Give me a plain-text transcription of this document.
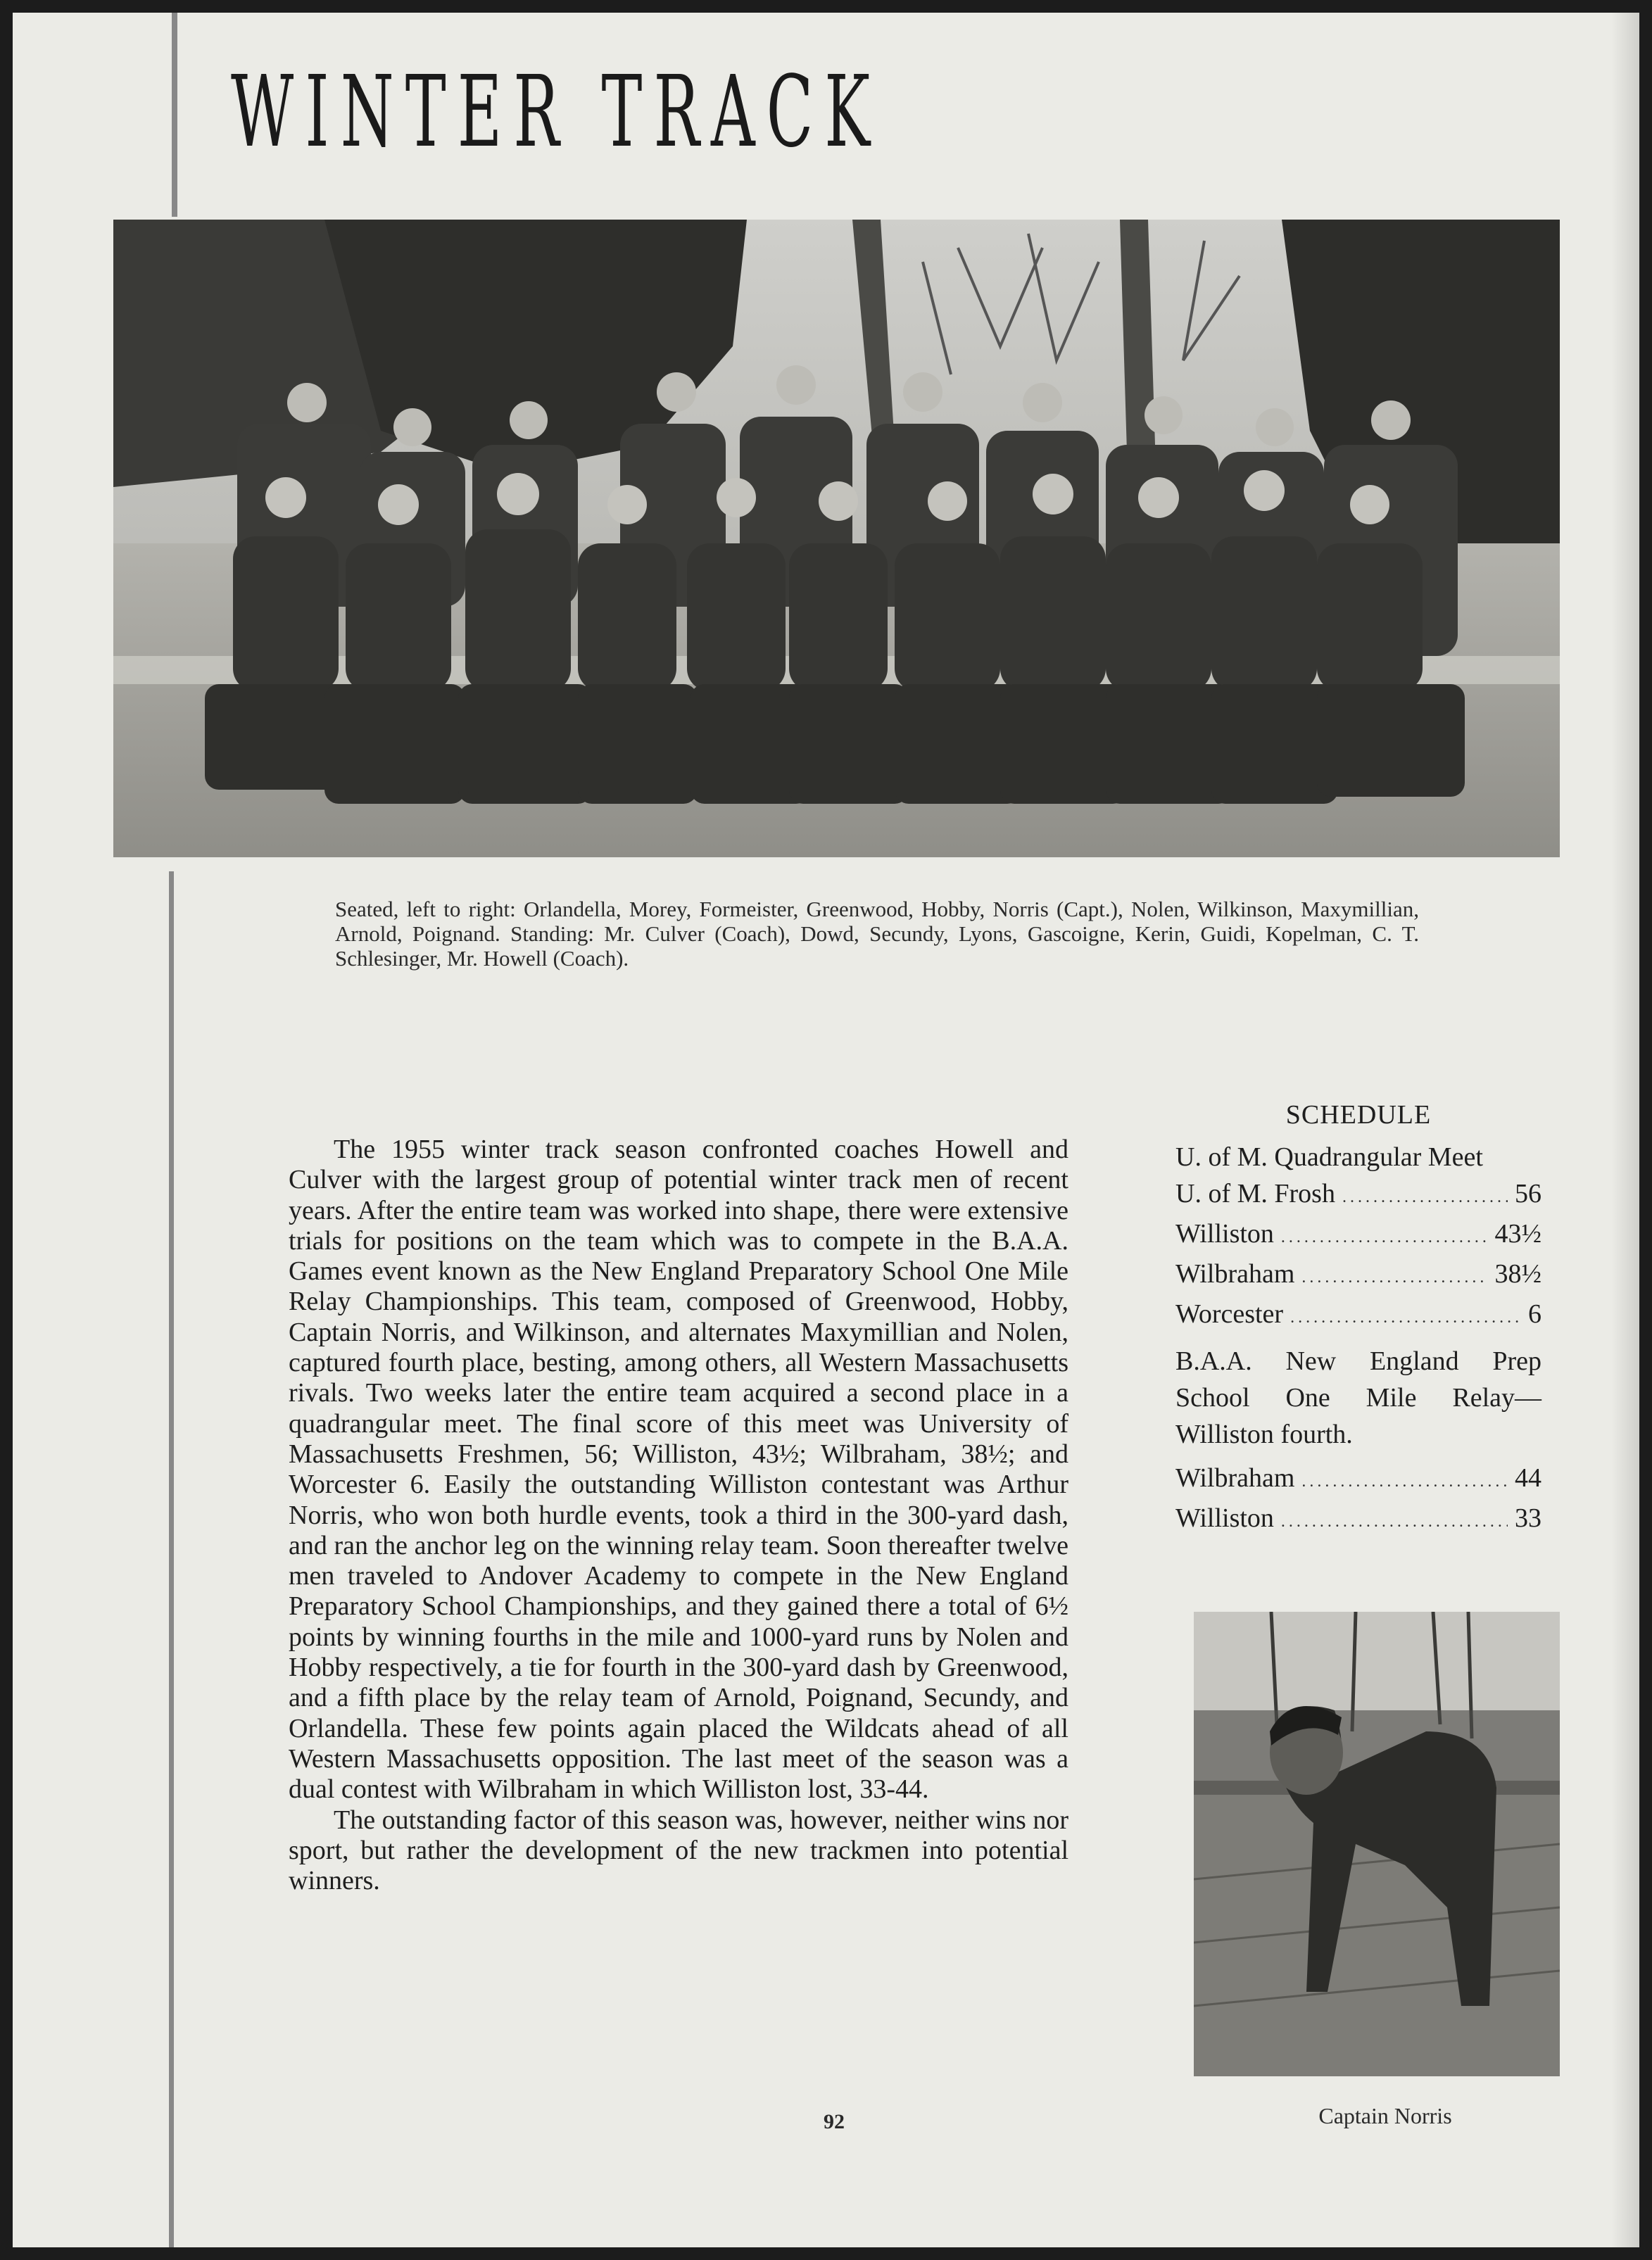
WINTER TRACK
Seated, left to right: Orlandella, Morey, Formeister, Greenwood, Hobby, Norris (Capt.), Nolen, Wilkinson, Maxymillian, Arnold, Poignand. Standing: Mr. Culver (Coach), Dowd, Secundy, Lyons, Gascoigne, Kerin, Guidi, Kopelman, C. T. Schlesinger, Mr. Howell (Coach).

The 1955 winter track season confronted coaches Howell and Culver with the largest group of potential winter track men of recent years. After the entire team was worked into shape, there were extensive trials for positions on the team which was to compete in the B.A.A. Games event known as the New England Preparatory School One Mile Relay Championships. This team, composed of Greenwood, Hobby, Captain Norris, and Wilkinson, and alternates Maxymillian and Nolen, captured fourth place, besting, among others, all Western Massachusetts rivals. Two weeks later the entire team acquired a second place in a quadrangular meet. The final score of this meet was University of Massachusetts Freshmen, 56; Williston, 43½; Wilbraham, 38½; and Worcester 6. Easily the outstanding Williston contestant was Arthur Norris, who won both hurdle events, took a third in the 300-yard dash, and ran the anchor leg on the winning relay team. Soon thereafter twelve men traveled to Andover Academy to compete in the New England Preparatory School Championships, and they gained there a total of 6½ points by winning fourths in the mile and 1000-yard runs by Nolen and Hobby respectively, a tie for fourth in the 300-yard dash by Greenwood, and a fifth place by the relay team of Arnold, Poignand, Secundy, and Orlandella. These few points again placed the Wildcats ahead of all Western Massachusetts opposition. The last meet of the season was a dual contest with Wilbraham in which Williston lost, 33-44.

The outstanding factor of this season was, however, neither wins nor sport, but rather the development of the new trackmen into potential winners.

SCHEDULE
U. of M. Quadrangular Meet
U. of M. Frosh .....	56
Williston .....	43½
Wilbraham .....	38½
Worcester .....	6
B.A.A. New England Prep School One Mile Relay— Williston fourth.
Wilbraham .....	44
Williston .....	33
Captain Norris
92
